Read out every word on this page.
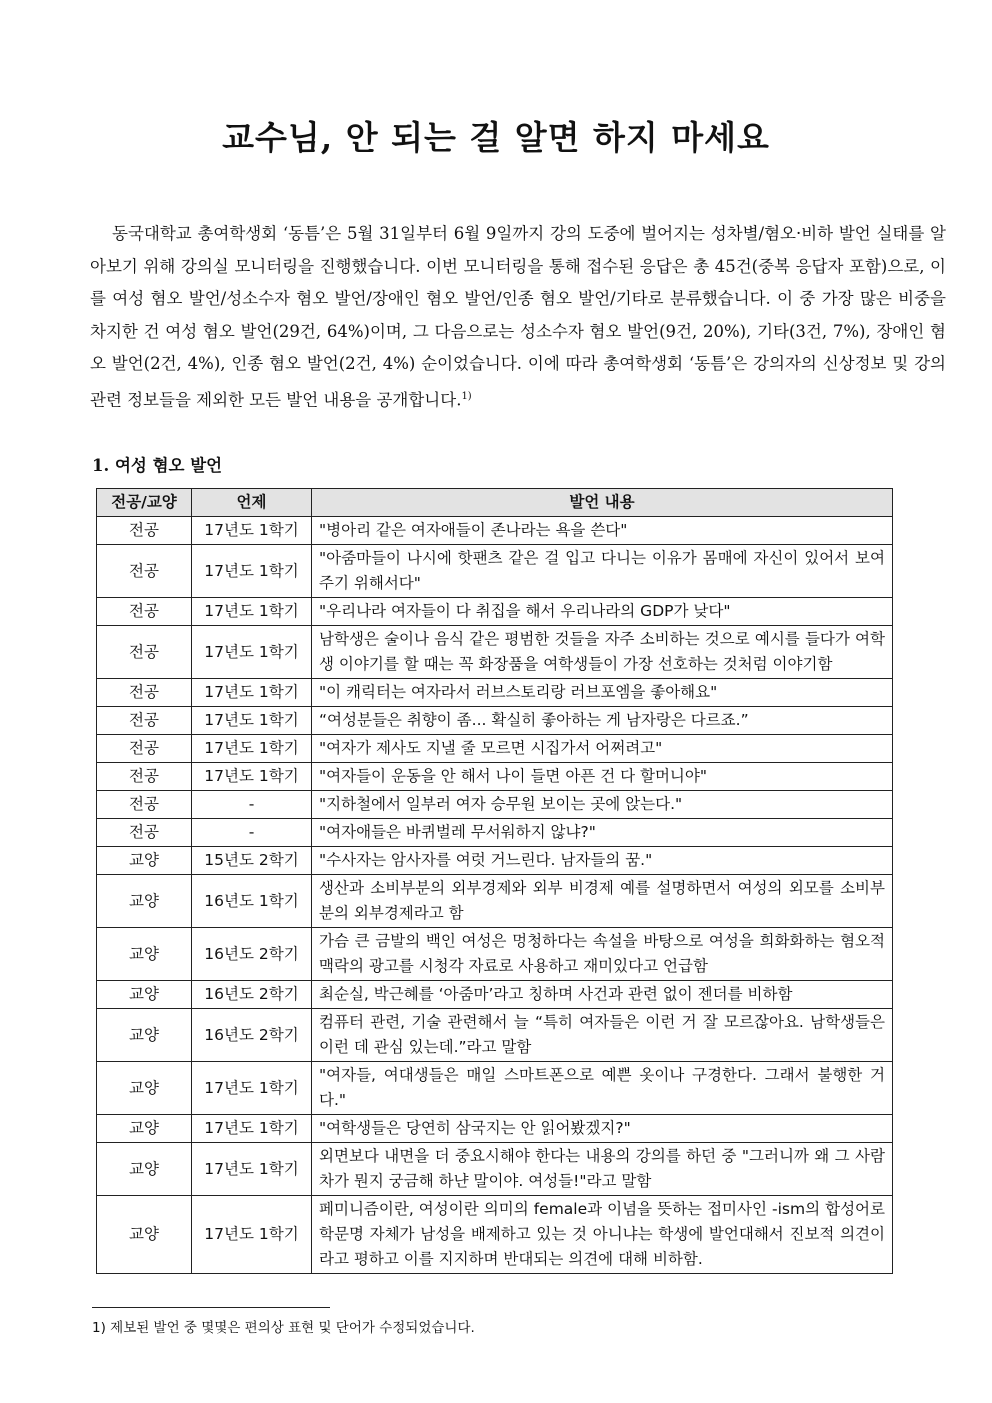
교수님, 안 되는 걸 알면 하지 마세요

동국대학교 총여학생회 ‘동틈’은 5월 31일부터 6월 9일까지 강의 도중에 벌어지는 성차별/혐오·비하 발언 실태를 알아보기 위해 강의실 모니터링을 진행했습니다. 이번 모니터링을 통해 접수된 응답은 총 45건(중복 응답자 포함)으로, 이를 여성 혐오 발언/성소수자 혐오 발언/장애인 혐오 발언/인종 혐오 발언/기타로 분류했습니다. 이 중 가장 많은 비중을 차지한 건 여성 혐오 발언(29건, 64%)이며, 그 다음으로는 성소수자 혐오 발언(9건, 20%), 기타(3건, 7%), 장애인 혐오 발언(2건, 4%), 인종 혐오 발언(2건, 4%) 순이었습니다. 이에 따라 총여학생회 ‘동틈’은 강의자의 신상정보 및 강의 관련 정보들을 제외한 모든 발언 내용을 공개합니다.$^{1)}$

1. 여성 혐오 발언
전공/교양	언제	발언 내용
전공	17년도 1학기	"병아리 같은 여자애들이 존나라는 욕을 쓴다"
전공	17년도 1학기	"아줌마들이 나시에 핫팬츠 같은 걸 입고 다니는 이유가 몸매에 자신이 있어서 보여주기 위해서다"
전공	17년도 1학기	"우리나라 여자들이 다 취집을 해서 우리나라의 GDP가 낮다"
전공	17년도 1학기	남학생은 술이나 음식 같은 평범한 것들을 자주 소비하는 것으로 예시를 들다가 여학생 이야기를 할 때는 꼭 화장품을 여학생들이 가장 선호하는 것처럼 이야기함
전공	17년도 1학기	"이 캐릭터는 여자라서 러브스토리랑 러브포엠을 좋아해요"
전공	17년도 1학기	“여성분들은 취향이 좀... 확실히 좋아하는 게 남자랑은 다르죠.”
전공	17년도 1학기	"여자가 제사도 지낼 줄 모르면 시집가서 어쩌려고"
전공	17년도 1학기	"여자들이 운동을 안 해서 나이 들면 아픈 건 다 할머니야"
전공	-	"지하철에서 일부러 여자 승무원 보이는 곳에 앉는다."
전공	-	"여자애들은 바퀴벌레 무서워하지 않냐?"
교양	15년도 2학기	"수사자는 암사자를 여럿 거느린다. 남자들의 꿈."
교양	16년도 1학기	생산과 소비부분의 외부경제와 외부 비경제 예를 설명하면서 여성의 외모를 소비부분의 외부경제라고 함
교양	16년도 2학기	가슴 큰 금발의 백인 여성은 멍청하다는 속설을 바탕으로 여성을 희화화하는 혐오적 맥락의 광고를 시청각 자료로 사용하고 재미있다고 언급함
교양	16년도 2학기	최순실, 박근혜를 ‘아줌마’라고 칭하며 사건과 관련 없이 젠더를 비하함
교양	16년도 2학기	컴퓨터 관련, 기술 관련해서 늘 “특히 여자들은 이런 거 잘 모르잖아요. 남학생들은 이런 데 관심 있는데.”라고 말함
교양	17년도 1학기	"여자들, 여대생들은 매일 스마트폰으로 예쁜 옷이나 구경한다. 그래서 불행한 거다."
교양	17년도 1학기	"여학생들은 당연히 삼국지는 안 읽어봤겠지?"
교양	17년도 1학기	외면보다 내면을 더 중요시해야 한다는 내용의 강의를 하던 중 "그러니까 왜 그 사람 차가 뭔지 궁금해 하냔 말이야. 여성들!"라고 말함
교양	17년도 1학기	페미니즘이란, 여성이란 의미의 female과 이념을 뜻하는 접미사인 -ism의 합성어로 학문명 자체가 남성을 배제하고 있는 것 아니냐는 학생에 발언대해서 진보적 의견이라고 평하고 이를 지지하며 반대되는 의견에 대해 비하함.

1) 제보된 발언 중 몇몇은 편의상 표현 및 단어가 수정되었습니다.
